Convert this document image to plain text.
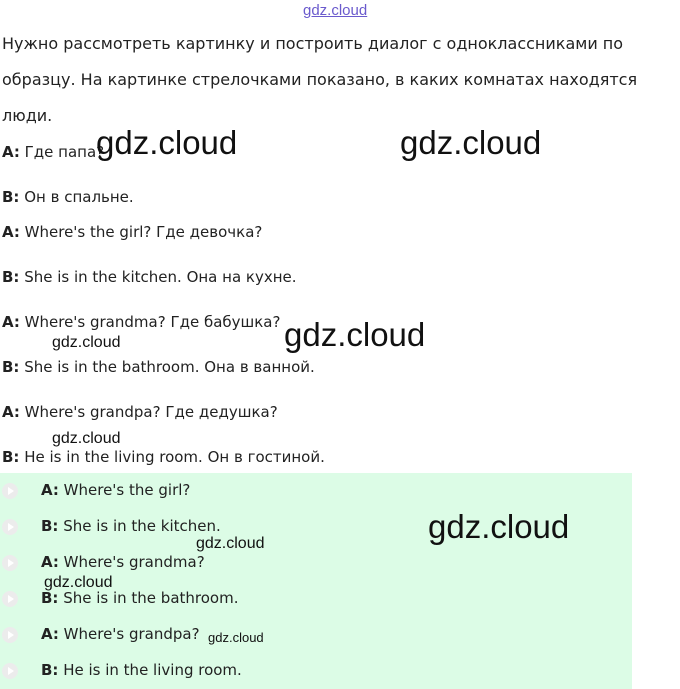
gdz.cloud
Нужно рассмотреть картинку и построить диалог с одноклассниками по
образцу. На картинке стрелочками показано, в каких комнатах находятся
люди.
A: Где папа?
B: Он в спальне.
A: Where's the girl? Где девочка?
B: She is in the kitchen. Она на кухне.
A: Where's grandma? Где бабушка?
B: She is in the bathroom. Она в ванной.
A: Where's grandpa? Где дедушка?
B: He is in the living room. Он в гостиной.
A: Where's the girl?
B: She is in the kitchen.
A: Where's grandma?
B: She is in the bathroom.
A: Where's grandpa?
B: He is in the living room.
gdz.cloud	gdz.cloud
gdz.cloud
gdz.cloud
gdz.cloud
gdz.cloud
gdz.cloud
gdz.cloud
gdz.cloud
